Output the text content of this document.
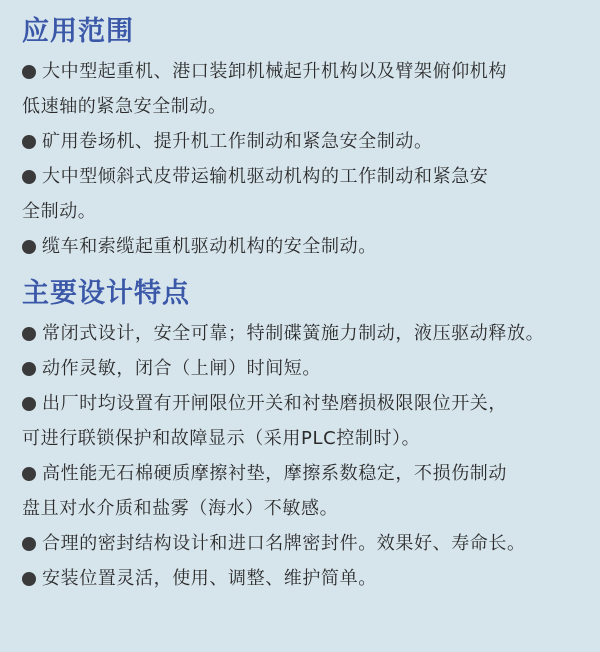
应用范围
大中型起重机、港口装卸机械起升机构以及臂架俯仰机构
低速轴的紧急安全制动。
矿用卷场机、提升机工作制动和紧急安全制动。
大中型倾斜式皮带运输机驱动机构的工作制动和紧急安
全制动。
缆车和索缆起重机驱动机构的安全制动。
主要设计特点
常闭式设计，安全可靠；特制碟簧施力制动，液压驱动释放。
动作灵敏，闭合（上闸）时间短。
出厂时均设置有开闸限位开关和衬垫磨损极限限位开关，
可进行联锁保护和故障显示（采用PLC控制时）。
高性能无石棉硬质摩擦衬垫，摩擦系数稳定，不损伤制动
盘且对水介质和盐雾（海水）不敏感。
合理的密封结构设计和进口名牌密封件。效果好、寿命长。
安装位置灵活，使用、调整、维护简单。
